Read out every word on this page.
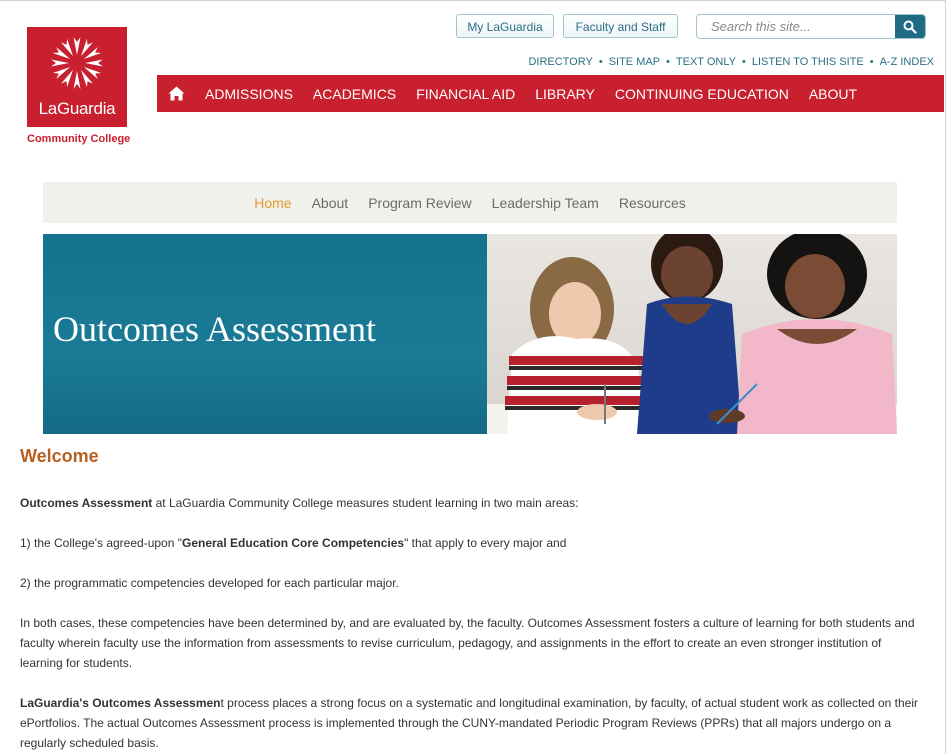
LaGuardia
Community College
My LaGuardia	Faculty and Staff
Search this site...
DIRECTORY • SITE MAP • TEXT ONLY • LISTEN TO THIS SITE • A-Z INDEX
ADMISSIONS	ACADEMICS	FINANCIAL AID	LIBRARY	CONTINUING EDUCATION	ABOUT
Home	About	Program Review	Leadership Team	Resources
Outcomes Assessment
Welcome

Outcomes Assessment at LaGuardia Community College measures student learning in two main areas:

1) the College's agreed-upon "General Education Core Competencies" that apply to every major and

2) the programmatic competencies developed for each particular major.

In both cases, these competencies have been determined by, and are evaluated by, the faculty. Outcomes Assessment fosters a culture of learning for both students and faculty wherein faculty use the information from assessments to revise curriculum, pedagogy, and assignments in the effort to create an even stronger institution of learning for students.

LaGuardia's Outcomes Assessment process places a strong focus on a systematic and longitudinal examination, by faculty, of actual student work as collected on their ePortfolios. The actual Outcomes Assessment process is implemented through the CUNY-mandated Periodic Program Reviews (PPRs) that all majors undergo on a regularly scheduled basis.
